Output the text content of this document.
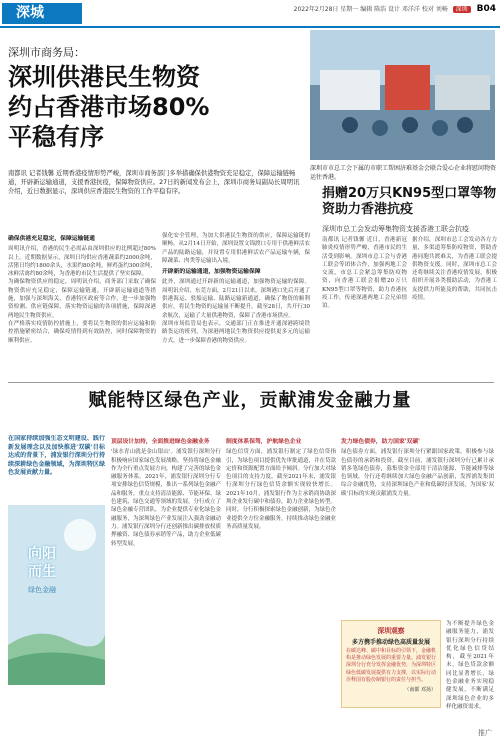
深城	2022年2月28日 星期一 编辑 陈浩 设计 邓洋洋 校对 刘畅 深圳 B04
深圳市商务局：
深圳供港民生物资
约占香港市场80%
平稳有序
深圳市市总工会下属的市职工帮困济难基金会联合爱心企业将慰问物资运往香港。
南都讯 记者钱馨 近期香港疫情形势严峻，深圳市商务部门多举措确保供港物资充足稳定，保障运输链畅通，开辟新运输通道，支援香港抗疫，保障物资供应。27日的新闻发布会上，深圳市商务局副局长周明讯介绍，近日数据显示，深圳供应香港民生物资的工作平稳有序。
确保供港充足稳定，保障运输链通

周明讯介绍，香港的民生必需品由深圳供应的比例超过80%以上。近期数据显示，深圳日均供应香港蔬菜约2000余吨，活猪日均约1800余头，水果约80余吨，鲜鸡蛋约300余吨，冰鲜活禽约80余吨，为香港的市民生活提供了坚实保障。

为确保物资供应的稳定，周明讯介绍，商务部门采取了确保物资供应充足稳定，保障运输链通，开辟新运输通道等措施，加强与深圳海关、香港特区政府等合作，进一步加强物资检测、供应链保障，落实物资运输的各项措施，保障深港两地民生物资供应。

在严格落实疫情防控措施上，要将民生物资的供应运输和防控措施紧密结合，确保疫情得到有效防控，同时保障物资的顺利供应。

强化安全管理，为加大供港民生物资的供应，保障运输链的顺畅。从2月14日开始，深圳设置文锦渡口专用于供港鲜活农产品的陆路运输，并设置专用供港鲜活农产品运输车辆，保障蔬菜、肉类等运输出入境。

开辟新的运输通道，加强物资运输保障

此外，深圳通过开辟新的运输通道，加强物资运输的保障。周明讯介绍，东莞方面，2月21日以来，深圳港口先后开通了供港海运、驳船运输、陆路运输新通道，确保了物资的顺利供应，将民生物资的运输量不断提升。截至28日，共开行30余航次，运输了大量供港物资，保障了香港市场供应。

深圳市场监管局也表示，交通部门正在推进开通深港跨境铁路货运的班列，为深港两地民生物资供应提供更多元的运输方式，进一步保障香港的物资供应。

捐赠20万只KN95型口罩等物资助力香港抗疫
深圳市总工会发动筹集物资支援香港工联会抗疫
南都讯 记者钱馨 近日，香港新冠肺炎疫情形势严峻，香港市民的生活受到影响。深圳市总工会与香港工联会等团体合作，加强两地工会交流，市总工会紧急筹集防疫物资，向香港工联会捐赠20万只KN95型口罩等物资，助力香港抗疫工作，传递深港两地工会兄弟情谊。
据介绍，深圳市总工会发动各方力量，多渠道筹集防疫物资，帮助香港同胞共渡难关，为香港工联会提供物资支援。同时，深圳市总工会还将继续关注香港疫情发展，积极组织开展各类援助活动，为香港工友提供力所能及的帮助，共同抗击疫情。
赋能特区绿色产业，贡献浦发金融力量
在国家持续加强生态文明建设、践行新发展理念以及加快推进'双碳'目标达成的背景下，浦发银行深圳分行持续深耕绿色金融领域，为深圳特区绿色发展贡献力量。
向阳
而生
绿色金融
顶层设计加持，全面推进绿色金融业务

'绿水青山就是金山银山'。浦发银行深圳分行积极响应国家绿色发展战略，坚持将绿色金融作为全行重点发展方向，构建了完善的绿色金融服务体系。2021年，浦发银行深圳分行专项安排绿色信贷规模，推出一系列绿色金融产品和服务，重点支持清洁能源、节能环保、绿色建筑、绿色交通等领域的发展。分行成立了绿色金融专营团队，为企业提供专业化绿色金融服务，为深圳绿色产业发展注入强劲金融动力。浦发银行深圳分行还创新推出碳排放权质押融资、绿色债券承销等产品，助力企业低碳转型发展。

制度体系保驾，护航绿色企业

绿色信贷方面，浦发银行制定了绿色信贷指引，为绿色项目提供优先审批通道，并在贷款定价和资源配置方面给予倾斜。分行加大对绿色项目的支持力度，截至2021年末，浦发银行深圳分行绿色信贷余额实现较快增长。2021年10月，浦发银行作为主承销商协助深圳企业发行碳中和债券，助力企业绿色转型。同时，分行积极探索绿色金融创新，为绿色企业提供全方位金融服务，持续推动绿色金融业务高质量发展。

发力绿色债券，助力国家'双碳'

绿色债券方面，浦发银行深圳分行紧跟国家政策，积极参与绿色债券的承销和投资。截至目前，浦发银行深圳分行已累计承销多笔绿色债券，募集资金全部用于清洁能源、节能减排等绿色领域。分行还将继续加大绿色金融产品创新，发挥浦发集团综合金融优势，支持深圳绿色产业和低碳经济发展，为国家'双碳'目标的实现贡献浦发力量。

深圳观察
多方携手推动绿色高质量发展
在碳达峰、碳中和目标的引领下，金融机构是推动绿色发展的重要力量。浦发银行深圳分行充分发挥金融优势，为深圳特区绿色低碳发展提供有力支撑，以实际行动诠释国有股份制银行的责任与担当。
（南都 邓扬）
为不断提升绿色金融服务能力，浦发银行深圳分行持续优化绿色信贷结构，截至2021年末，绿色贷款余额同比显著增长，绿色金融业务实现稳健发展，不断满足深圳绿色企业的多样化融资需求。
推广
